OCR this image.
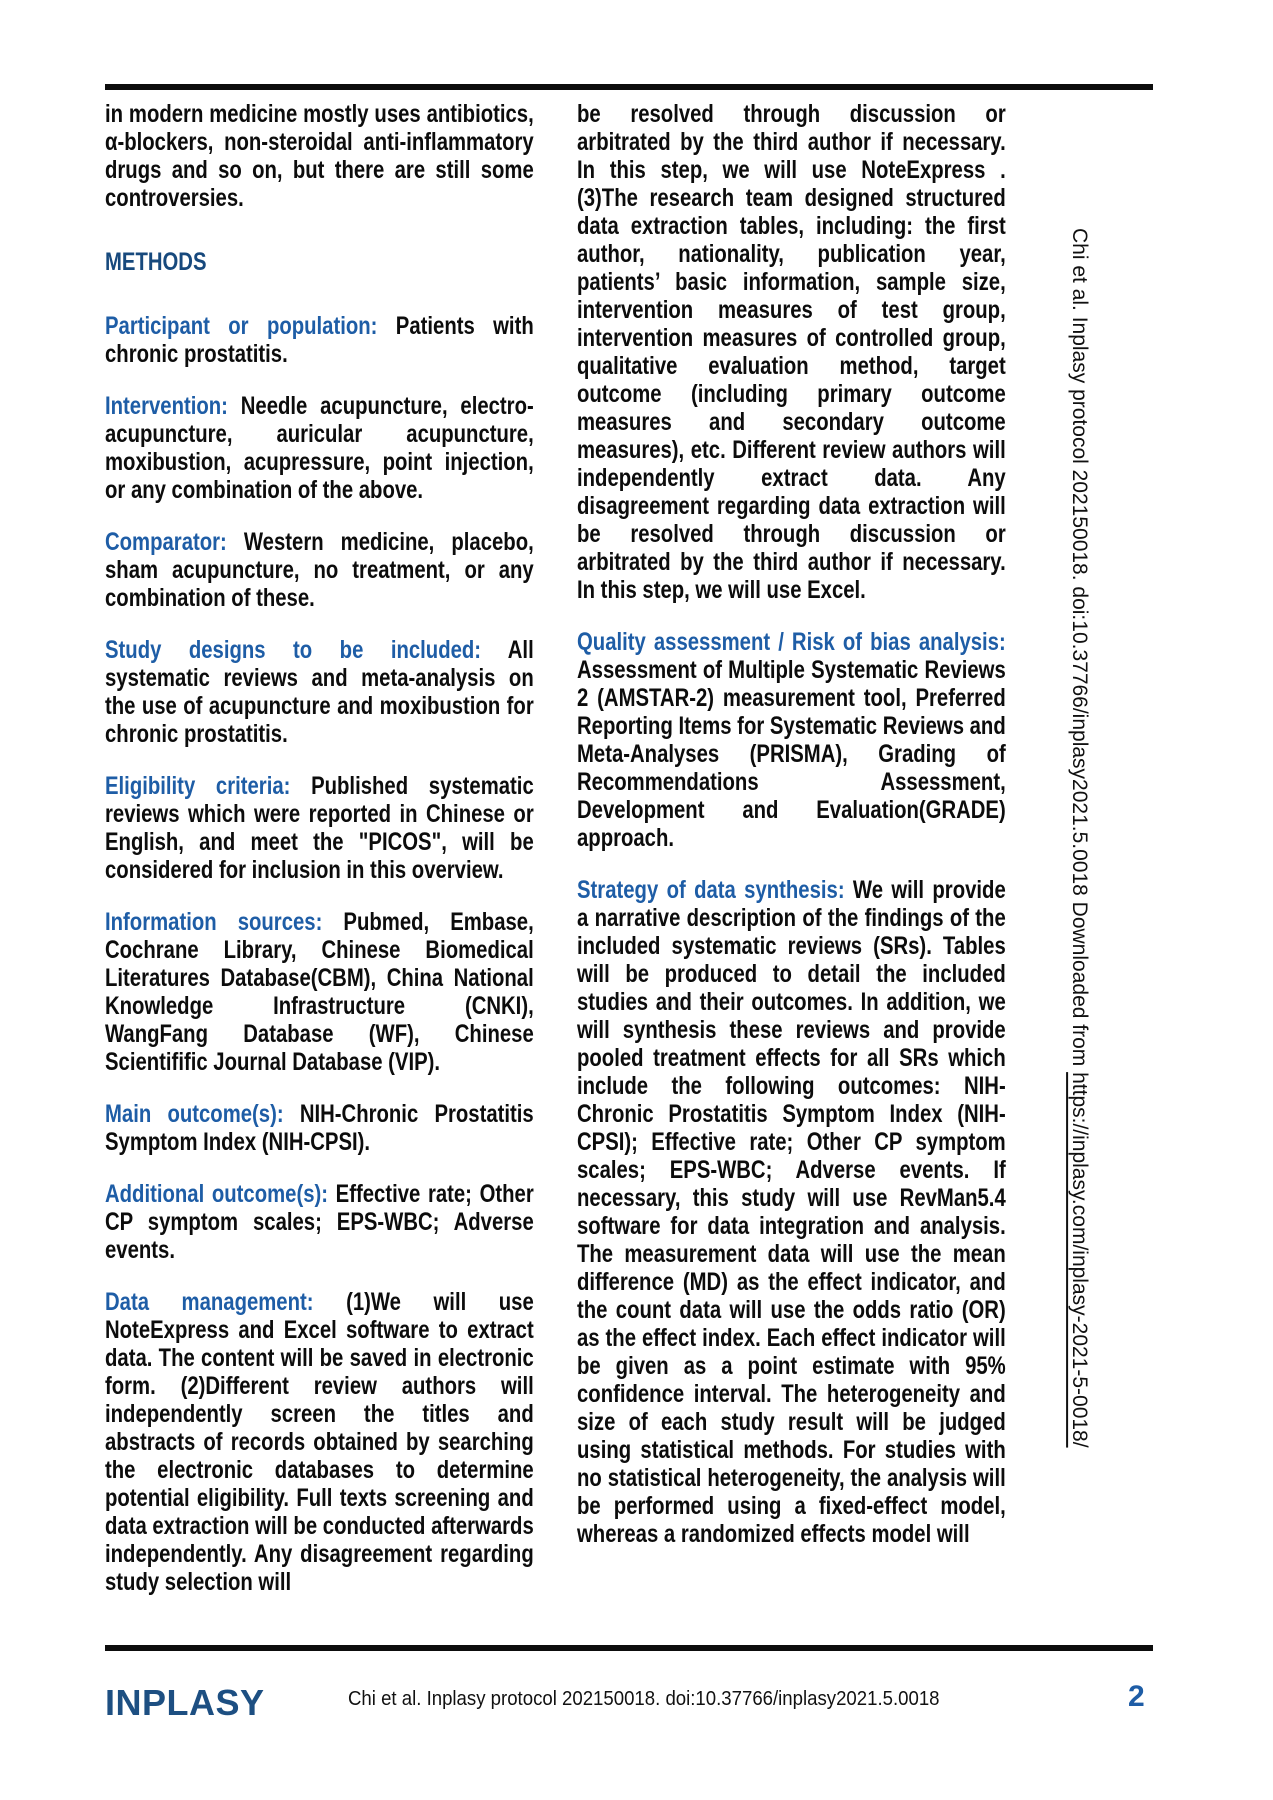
in modern medicine mostly uses antibiotics, α-blockers, non-steroidal anti-inflammatory drugs and so on, but there are still some controversies.

METHODS

Participant or population: Patients with chronic prostatitis.

Intervention: Needle acupuncture, electro-acupuncture, auricular acupuncture, moxibustion, acupressure, point injection, or any combination of the above.

Comparator: Western medicine, placebo, sham acupuncture, no treatment, or any combination of these.

Study designs to be included: All systematic reviews and meta-analysis on the use of acupuncture and moxibustion for chronic prostatitis.

Eligibility criteria: Published systematic reviews which were reported in Chinese or English, and meet the "PICOS", will be considered for inclusion in this overview.

Information sources: Pubmed, Embase, Cochrane Library, Chinese Biomedical Literatures Database(CBM), China National Knowledge Infrastructure (CNKI), WangFang Database (WF), Chinese Scientifific Journal Database (VIP).

Main outcome(s): NIH-Chronic Prostatitis Symptom Index (NIH-CPSI).

Additional outcome(s): Effective rate; Other CP symptom scales; EPS-WBC; Adverse events.

Data management: (1)We will use NoteExpress and Excel software to extract data. The content will be saved in electronic form. (2)Different review authors will independently screen the titles and abstracts of records obtained by searching the electronic databases to determine potential eligibility. Full texts screening and data extraction will be conducted afterwards independently. Any disagreement regarding study selection will

be resolved through discussion or arbitrated by the third author if necessary. In this step, we will use NoteExpress . (3)The research team designed structured data extraction tables, including: the first author, nationality, publication year, patients’ basic information, sample size, intervention measures of test group, intervention measures of controlled group, qualitative evaluation method, target outcome (including primary outcome measures and secondary outcome measures), etc. Different review authors will independently extract data. Any disagreement regarding data extraction will be resolved through discussion or arbitrated by the third author if necessary. In this step, we will use Excel.

Quality assessment / Risk of bias analysis: Assessment of Multiple Systematic Reviews 2 (AMSTAR-2) measurement tool, Preferred Reporting Items for Systematic Reviews and Meta-Analyses (PRISMA), Grading of Recommendations Assessment, Development and Evaluation(GRADE) approach.

Strategy of data synthesis: We will provide a narrative description of the findings of the included systematic reviews (SRs). Tables will be produced to detail the included studies and their outcomes. In addition, we will synthesis these reviews and provide pooled treatment effects for all SRs which include the following outcomes: NIH-Chronic Prostatitis Symptom Index (NIH-CPSI); Effective rate; Other CP symptom scales; EPS-WBC; Adverse events. If necessary, this study will use RevMan5.4 software for data integration and analysis. The measurement data will use the mean difference (MD) as the effect indicator, and the count data will use the odds ratio (OR) as the effect index. Each effect indicator will be given as a point estimate with 95% confidence interval. The heterogeneity and size of each study result will be judged using statistical methods. For studies with no statistical heterogeneity, the analysis will be performed using a fixed-effect model, whereas a randomized effects model will

Chi et al. Inplasy protocol 202150018. doi:10.37766/inplasy2021.5.0018 Downloaded from https://inplasy.com/inplasy-2021-5-0018/
INPLASY	Chi et al. Inplasy protocol 202150018. doi:10.37766/inplasy2021.5.0018	2
